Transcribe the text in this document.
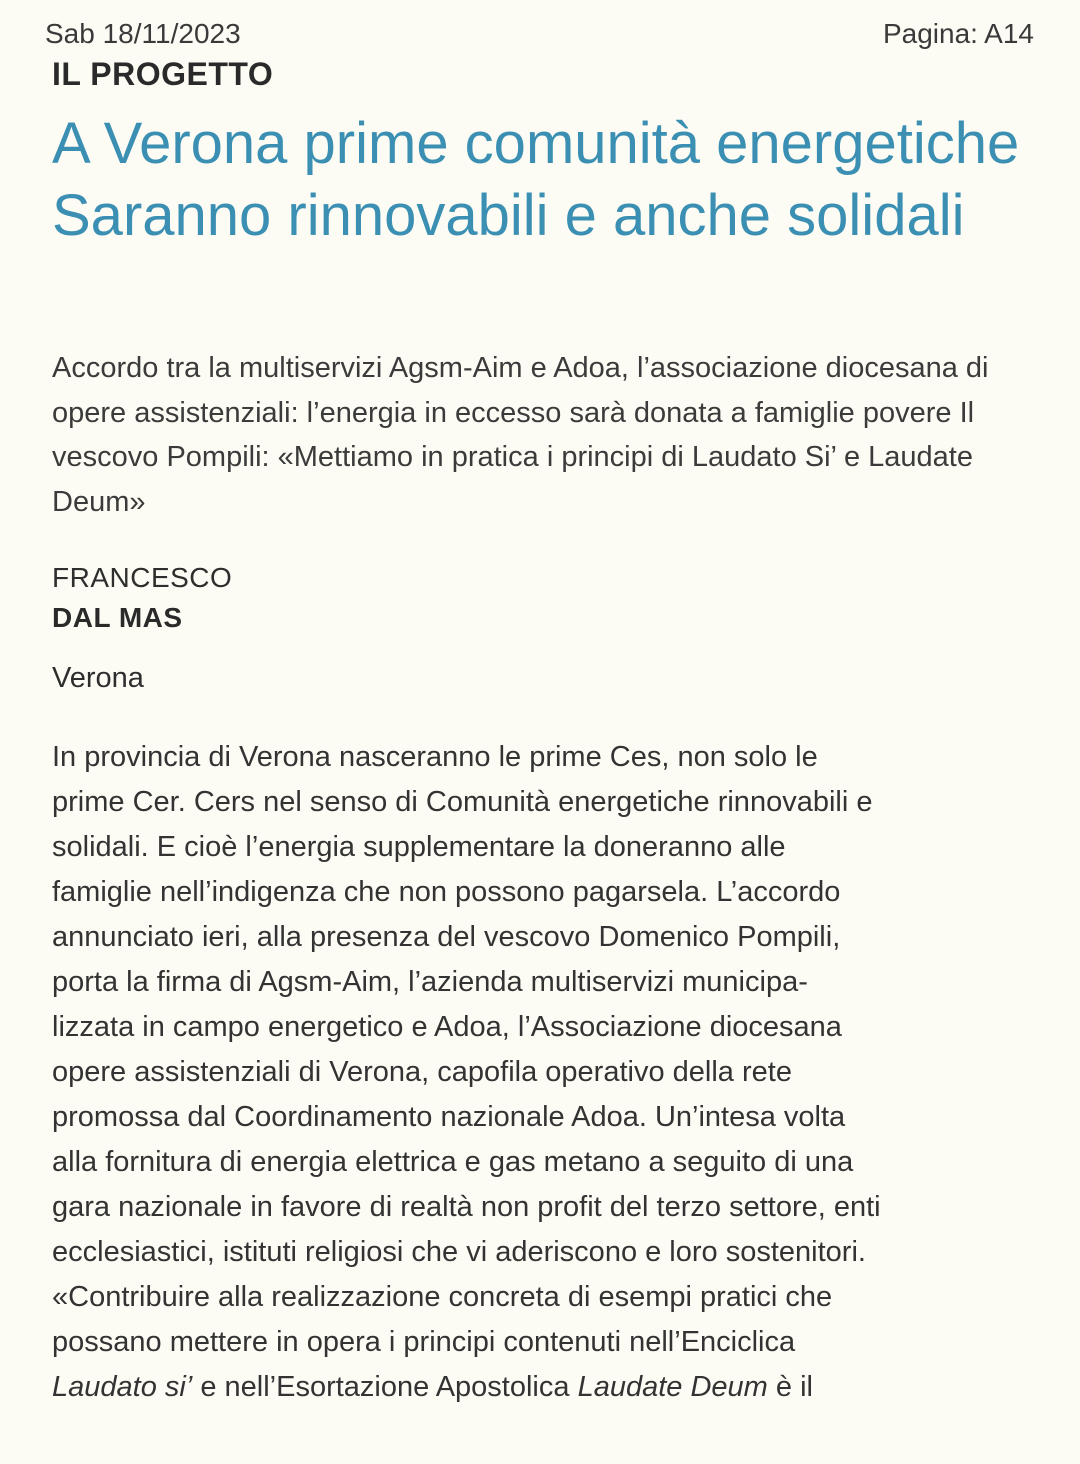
Sab 18/11/2023	Pagina: A14
IL PROGETTO
A Verona prime comunità energetiche Saranno rinnovabili e anche solidali

Accordo tra la multiservizi Agsm-Aim e Adoa, l’associazione diocesana di opere assistenziali: l’energia in eccesso sarà donata a famiglie povere Il vescovo Pompili: «Mettiamo in pratica i principi di Laudato Si’ e Laudate Deum»

FRANCESCO
DAL MAS
Verona
In provincia di Verona nasceranno le prime Ces, non solo le
prime Cer. Cers nel senso di Comunità energetiche rinnovabili e
solidali. E cioè l’energia supplementare la doneranno alle
famiglie nell’indigenza che non possono pagarsela. L’accordo
annunciato ieri, alla presenza del vescovo Domenico Pompili,
porta la firma di Agsm-Aim, l’azienda multiservizi municipa-
lizzata in campo energetico e Adoa, l’Associazione diocesana
opere assistenziali di Verona, capofila operativo della rete
promossa dal Coordinamento nazionale Adoa. Un’intesa volta
alla fornitura di energia elettrica e gas metano a seguito di una
gara nazionale in favore di realtà non profit del terzo settore, enti
ecclesiastici, istituti religiosi che vi aderiscono e loro sostenitori.
«Contribuire alla realizzazione concreta di esempi pratici che
possano mettere in opera i principi contenuti nell’Enciclica
Laudato si’ e nell’Esortazione Apostolica Laudate Deum è il
